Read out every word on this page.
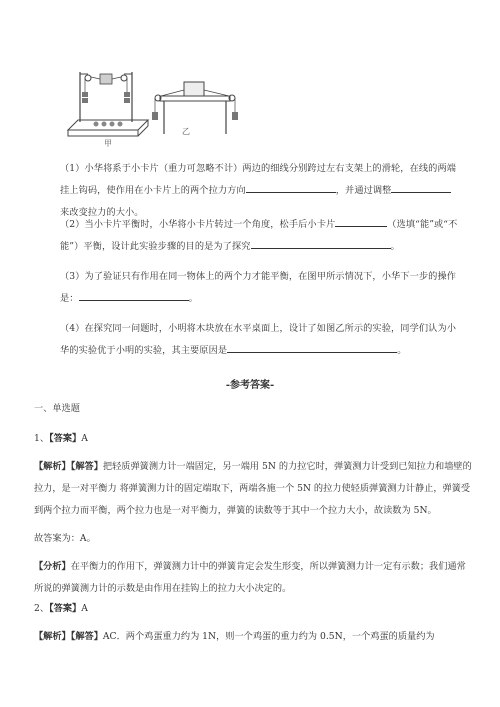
甲
乙
（1）小华将系于小卡片（重力可忽略不计）两边的细线分别跨过左右支架上的滑轮，在线的两端挂上钩码，使作用在小卡片上的两个拉力方向	，并通过调整来改变拉力的大小。
（2）当小卡片平衡时，小华将小卡片转过一个角度，松手后小卡片	（选填“能”或“不能”）平衡，设计此实验步骤的目的是为了探究	。
（3）为了验证只有作用在同一物体上的两个力才能平衡，在图甲所示情况下，小华下一步的操作是：	。
（4）在探究同一问题时，小明将木块放在水平桌面上，设计了如图乙所示的实验，同学们认为小华的实验优于小明的实验，其主要原因是	。
-参考答案-
一、单选题
1、【答案】A
【解析】【解答】把轻质弹簧测力计一端固定，另一端用 5N 的力拉它时，弹簧测力计受到已知拉力和墙壁的拉力，是一对平衡力 将弹簧测力计的固定端取下，两端各施一个 5N 的拉力使轻质弹簧测力计静止，弹簧受到两个拉力而平衡，两个拉力也是一对平衡力，弹簧的读数等于其中一个拉力大小，故读数为 5N。
故答案为：A。
【分析】在平衡力的作用下，弹簧测力计中的弹簧肯定会发生形变，所以弹簧测力计一定有示数；我们通常所说的弹簧测力计的示数是由作用在挂钩上的拉力大小决定的。
2、【答案】A
【解析】【解答】AC．两个鸡蛋重力约为 1N，则一个鸡蛋的重力约为 0.5N，一个鸡蛋的质量约为
